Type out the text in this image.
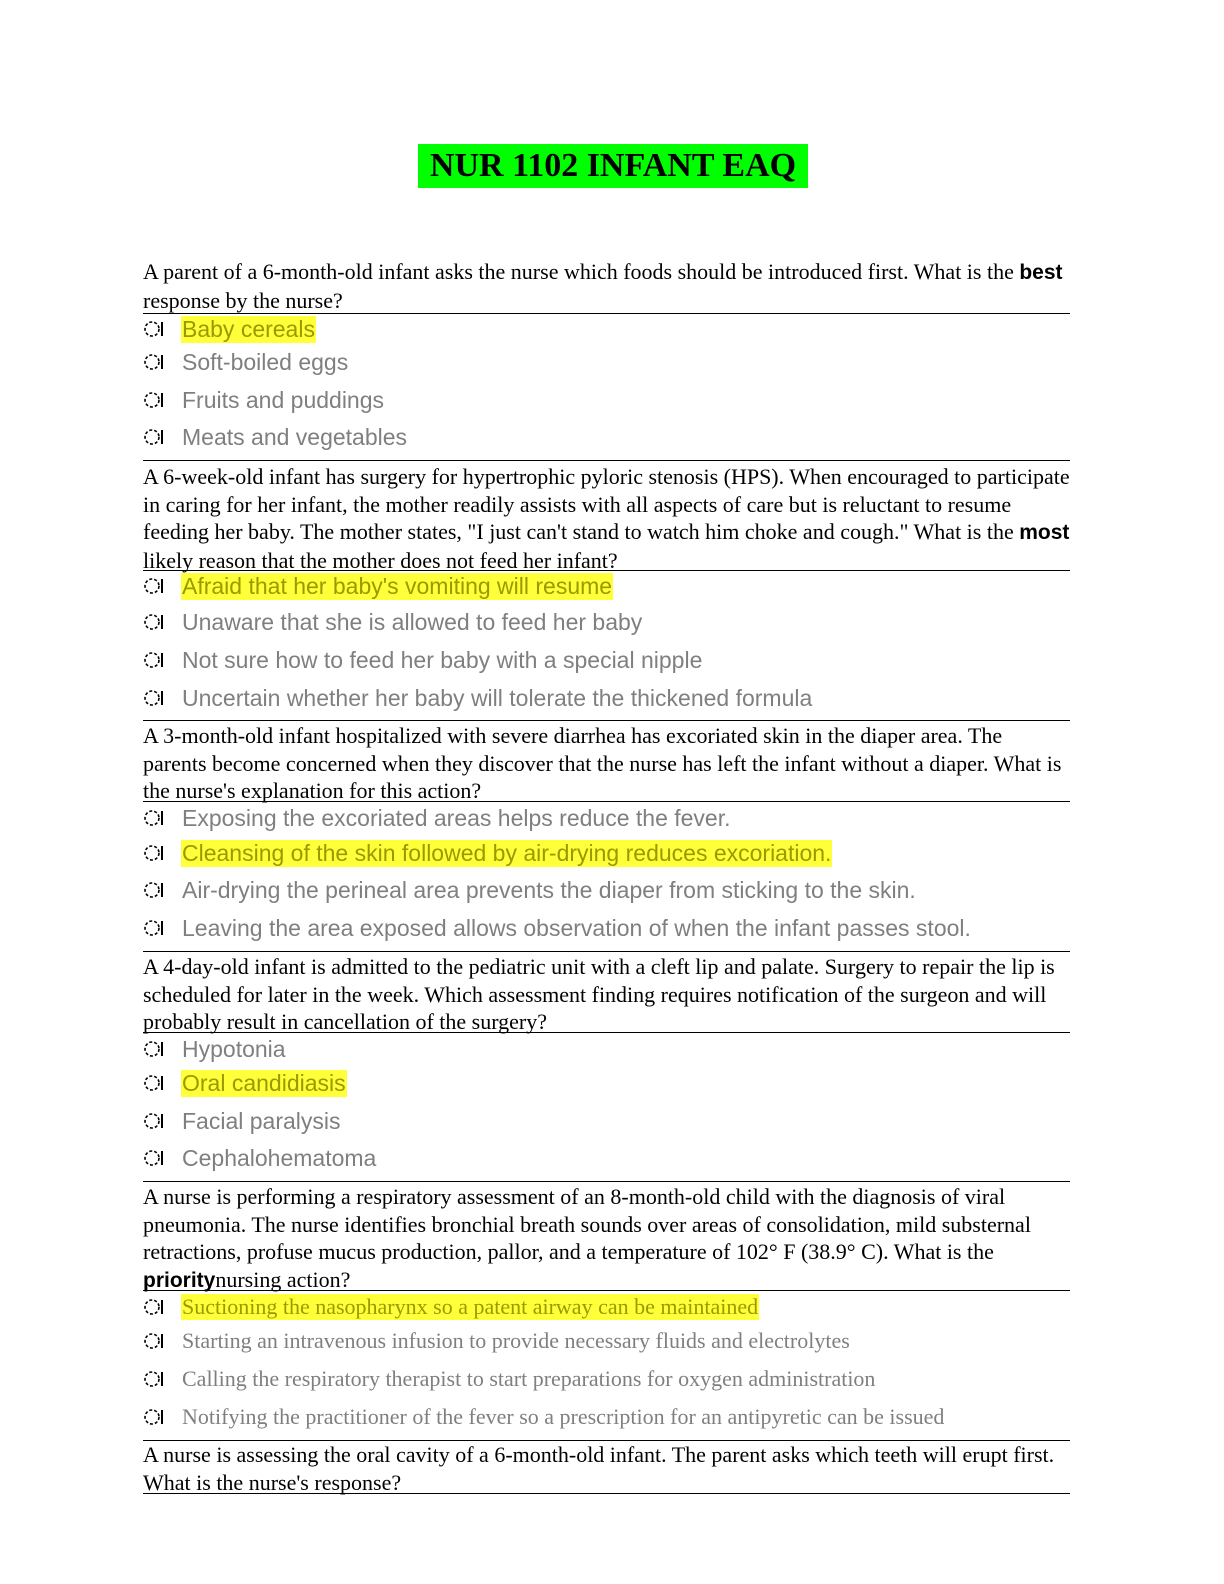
NUR 1102 INFANT EAQ
A parent of a 6-month-old infant asks the nurse which foods should be introduced first. What is the best response by the nurse?
Baby cereals
Soft-boiled eggs
Fruits and puddings
Meats and vegetables
A 6-week-old infant has surgery for hypertrophic pyloric stenosis (HPS). When encouraged to participate in caring for her infant, the mother readily assists with all aspects of care but is reluctant to resume feeding her baby. The mother states, "I just can't stand to watch him choke and cough." What is the most likely reason that the mother does not feed her infant?
Afraid that her baby's vomiting will resume
Unaware that she is allowed to feed her baby
Not sure how to feed her baby with a special nipple
Uncertain whether her baby will tolerate the thickened formula
A 3-month-old infant hospitalized with severe diarrhea has excoriated skin in the diaper area. The parents become concerned when they discover that the nurse has left the infant without a diaper. What is the nurse's explanation for this action?
Exposing the excoriated areas helps reduce the fever.
Cleansing of the skin followed by air-drying reduces excoriation.
Air-drying the perineal area prevents the diaper from sticking to the skin.
Leaving the area exposed allows observation of when the infant passes stool.
A 4-day-old infant is admitted to the pediatric unit with a cleft lip and palate. Surgery to repair the lip is scheduled for later in the week. Which assessment finding requires notification of the surgeon and will probably result in cancellation of the surgery?
Hypotonia
Oral candidiasis
Facial paralysis
Cephalohematoma
A nurse is performing a respiratory assessment of an 8-month-old child with the diagnosis of viral pneumonia. The nurse identifies bronchial breath sounds over areas of consolidation, mild substernal retractions, profuse mucus production, pallor, and a temperature of 102° F (38.9° C). What is the prioritynursing action?
Suctioning the nasopharynx so a patent airway can be maintained
Starting an intravenous infusion to provide necessary fluids and electrolytes
Calling the respiratory therapist to start preparations for oxygen administration
Notifying the practitioner of the fever so a prescription for an antipyretic can be issued
A nurse is assessing the oral cavity of a 6-month-old infant. The parent asks which teeth will erupt first. What is the nurse's response?
